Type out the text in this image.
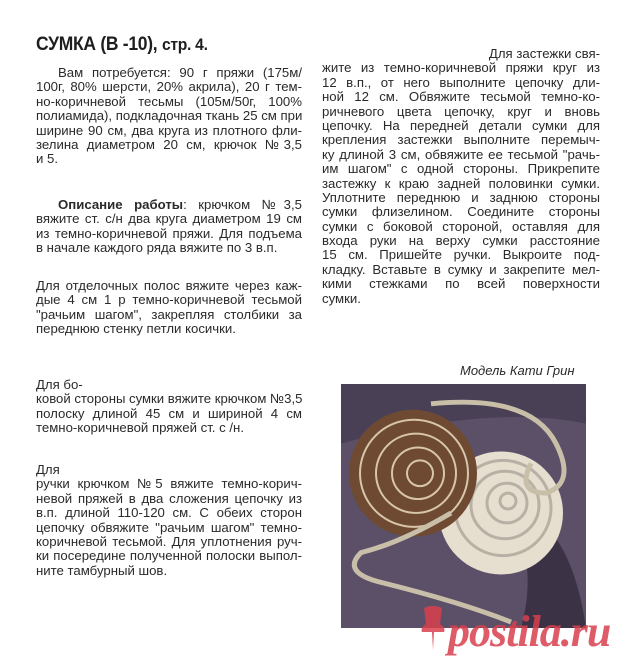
СУМКА (В -10), стр. 4.
Вам потребуется: 90 г пряжи (175м/
100г, 80% шерсти, 20% акрила), 20 г тем-
но-коричневой тесьмы (105м/50г, 100%
полиамида), подкладочная ткань 25 см при
ширине 90 см, два круга из плотного фли-
зелина диаметром 20 см, крючок №3,5
и 5.
Описание работы: крючком №3,5
вяжите ст. с/н два круга диаметром 19 см
из темно-коричневой пряжи. Для подъема
в начале каждого ряда вяжите по 3 в.п.
Для отделочных полос вяжите через каж-
дые 4 см 1 р темно-коричневой тесьмой
"рачьим шагом", закрепляя столбики за
переднюю стенку петли косички.
Для бо-
ковой стороны сумки вяжите крючком №3,5
полоску длиной 45 см и шириной 4 см
темно-коричневой пряжей ст. с /н.
Для
ручки крючком №5 вяжите темно-корич-
невой пряжей в два сложения цепочку из
в.п. длиной 110-120 см. С обеих сторон
цепочку обвяжите "рачьим шагом" темно-
коричневой тесьмой. Для уплотнения руч-
ки посередине полученной полоски выпол-
ните тамбурный шов.
Для застежки свя-
жите из темно-коричневой пряжи круг из
12 в.п., от него выполните цепочку дли-
ной 12 см. Обвяжите тесьмой темно-ко-
ричневого цвета цепочку, круг и вновь
цепочку. На передней детали сумки для
крепления застежки выполните перемыч-
ку длиной 3 см, обвяжите ее тесьмой "рачь-
им шагом" с одной стороны. Прикрепите
застежку к краю задней половинки сумки.
Уплотните переднюю и заднюю стороны
сумки флизелином. Соедините стороны
сумки с боковой стороной, оставляя для
входа руки на верху сумки расстояние
15 см. Пришейте ручки. Выкроите под-
кладку. Вставьте в сумку и закрепите мел-
кими стежками по всей поверхности
сумки.
Модель Кати Грин
postila.ru
